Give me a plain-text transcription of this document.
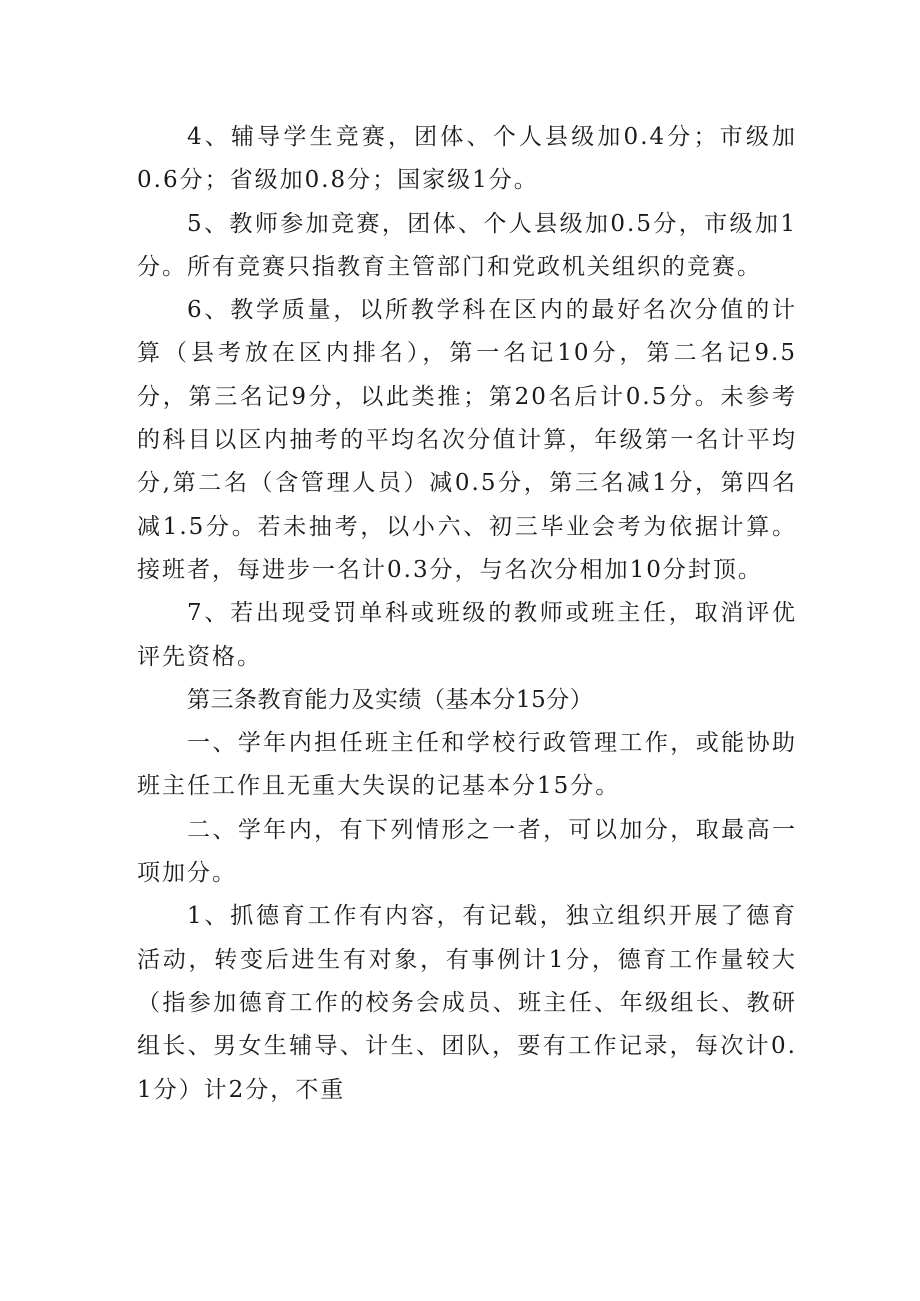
4、辅导学生竞赛，团体、个人县级加0.4分；市级加0.6分；省级加0.8分；国家级1分。

5、教师参加竞赛，团体、个人县级加0.5分，市级加1分。所有竞赛只指教育主管部门和党政机关组织的竞赛。

6、教学质量，以所教学科在区内的最好名次分值的计算（县考放在区内排名），第一名记10分，第二名记9.5分，第三名记9分，以此类推；第20名后计0.5分。未参考的科目以区内抽考的平均名次分值计算，年级第一名计平均分,第二名（含管理人员）减0.5分，第三名减1分，第四名减1.5分。若未抽考，以小六、初三毕业会考为依据计算。接班者，每进步一名计0.3分，与名次分相加10分封顶。

7、若出现受罚单科或班级的教师或班主任，取消评优评先资格。

第三条教育能力及实绩（基本分15分）

一、学年内担任班主任和学校行政管理工作，或能协助班主任工作且无重大失误的记基本分15分。

二、学年内，有下列情形之一者，可以加分，取最高一项加分。

1、抓德育工作有内容，有记载，独立组织开展了德育活动，转变后进生有对象，有事例计1分，德育工作量较大（指参加德育工作的校务会成员、班主任、年级组长、教研组长、男女生辅导、计生、团队，要有工作记录，每次计0.1分）计2分，不重
